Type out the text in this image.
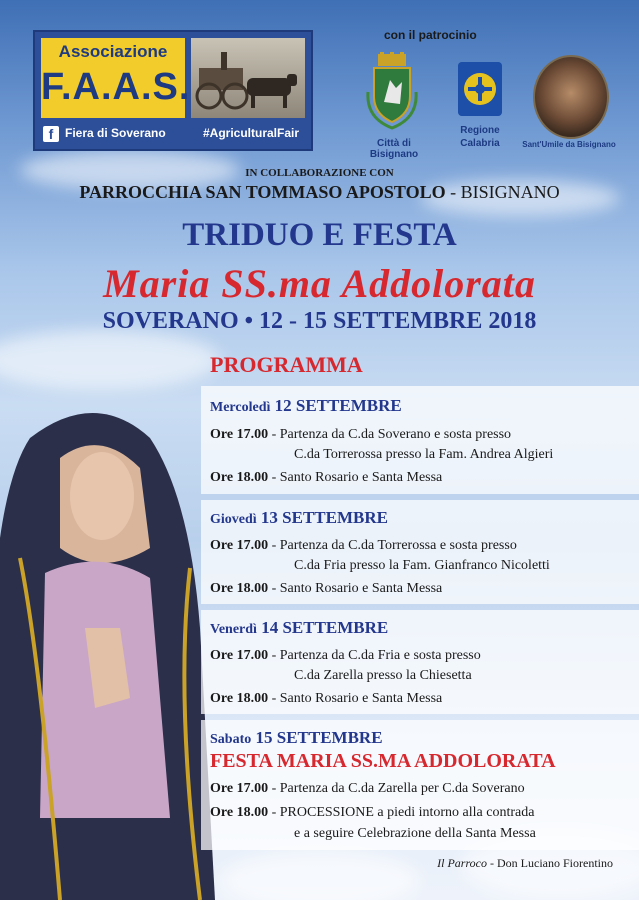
Associazione
F.A.A.S.
f Fiera di Soverano	#AgriculturalFair
con il patrocinio
Città di Bisignano
Regione
Calabria	Sant'Umile da Bisignano
IN COLLABORAZIONE CON
PARROCCHIA SAN TOMMASO APOSTOLO - BISIGNANO
TRIDUO E FESTA
Maria SS.ma Addolorata
SOVERANO • 12 - 15 SETTEMBRE 2018
PROGRAMMA
Mercoledì 12 SETTEMBRE
Ore 17.00 - Partenza da C.da Soverano e sosta presso
C.da Torrerossa presso la Fam. Andrea Algieri
Ore 18.00 - Santo Rosario e Santa Messa
Giovedì 13 SETTEMBRE
Ore 17.00 - Partenza da C.da Torrerossa e sosta presso
C.da Fria presso la Fam. Gianfranco Nicoletti
Ore 18.00 - Santo Rosario e Santa Messa
Venerdì 14 SETTEMBRE
Ore 17.00 - Partenza da C.da Fria e sosta presso
C.da Zarella presso la Chiesetta
Ore 18.00 - Santo Rosario e Santa Messa
Sabato 15 SETTEMBRE
FESTA MARIA SS.MA ADDOLORATA
Ore 17.00 - Partenza da C.da Zarella per C.da Soverano
Ore 18.00 - PROCESSIONE a piedi intorno alla contrada
e a seguire Celebrazione della Santa Messa
Il Parroco - Don Luciano Fiorentino
